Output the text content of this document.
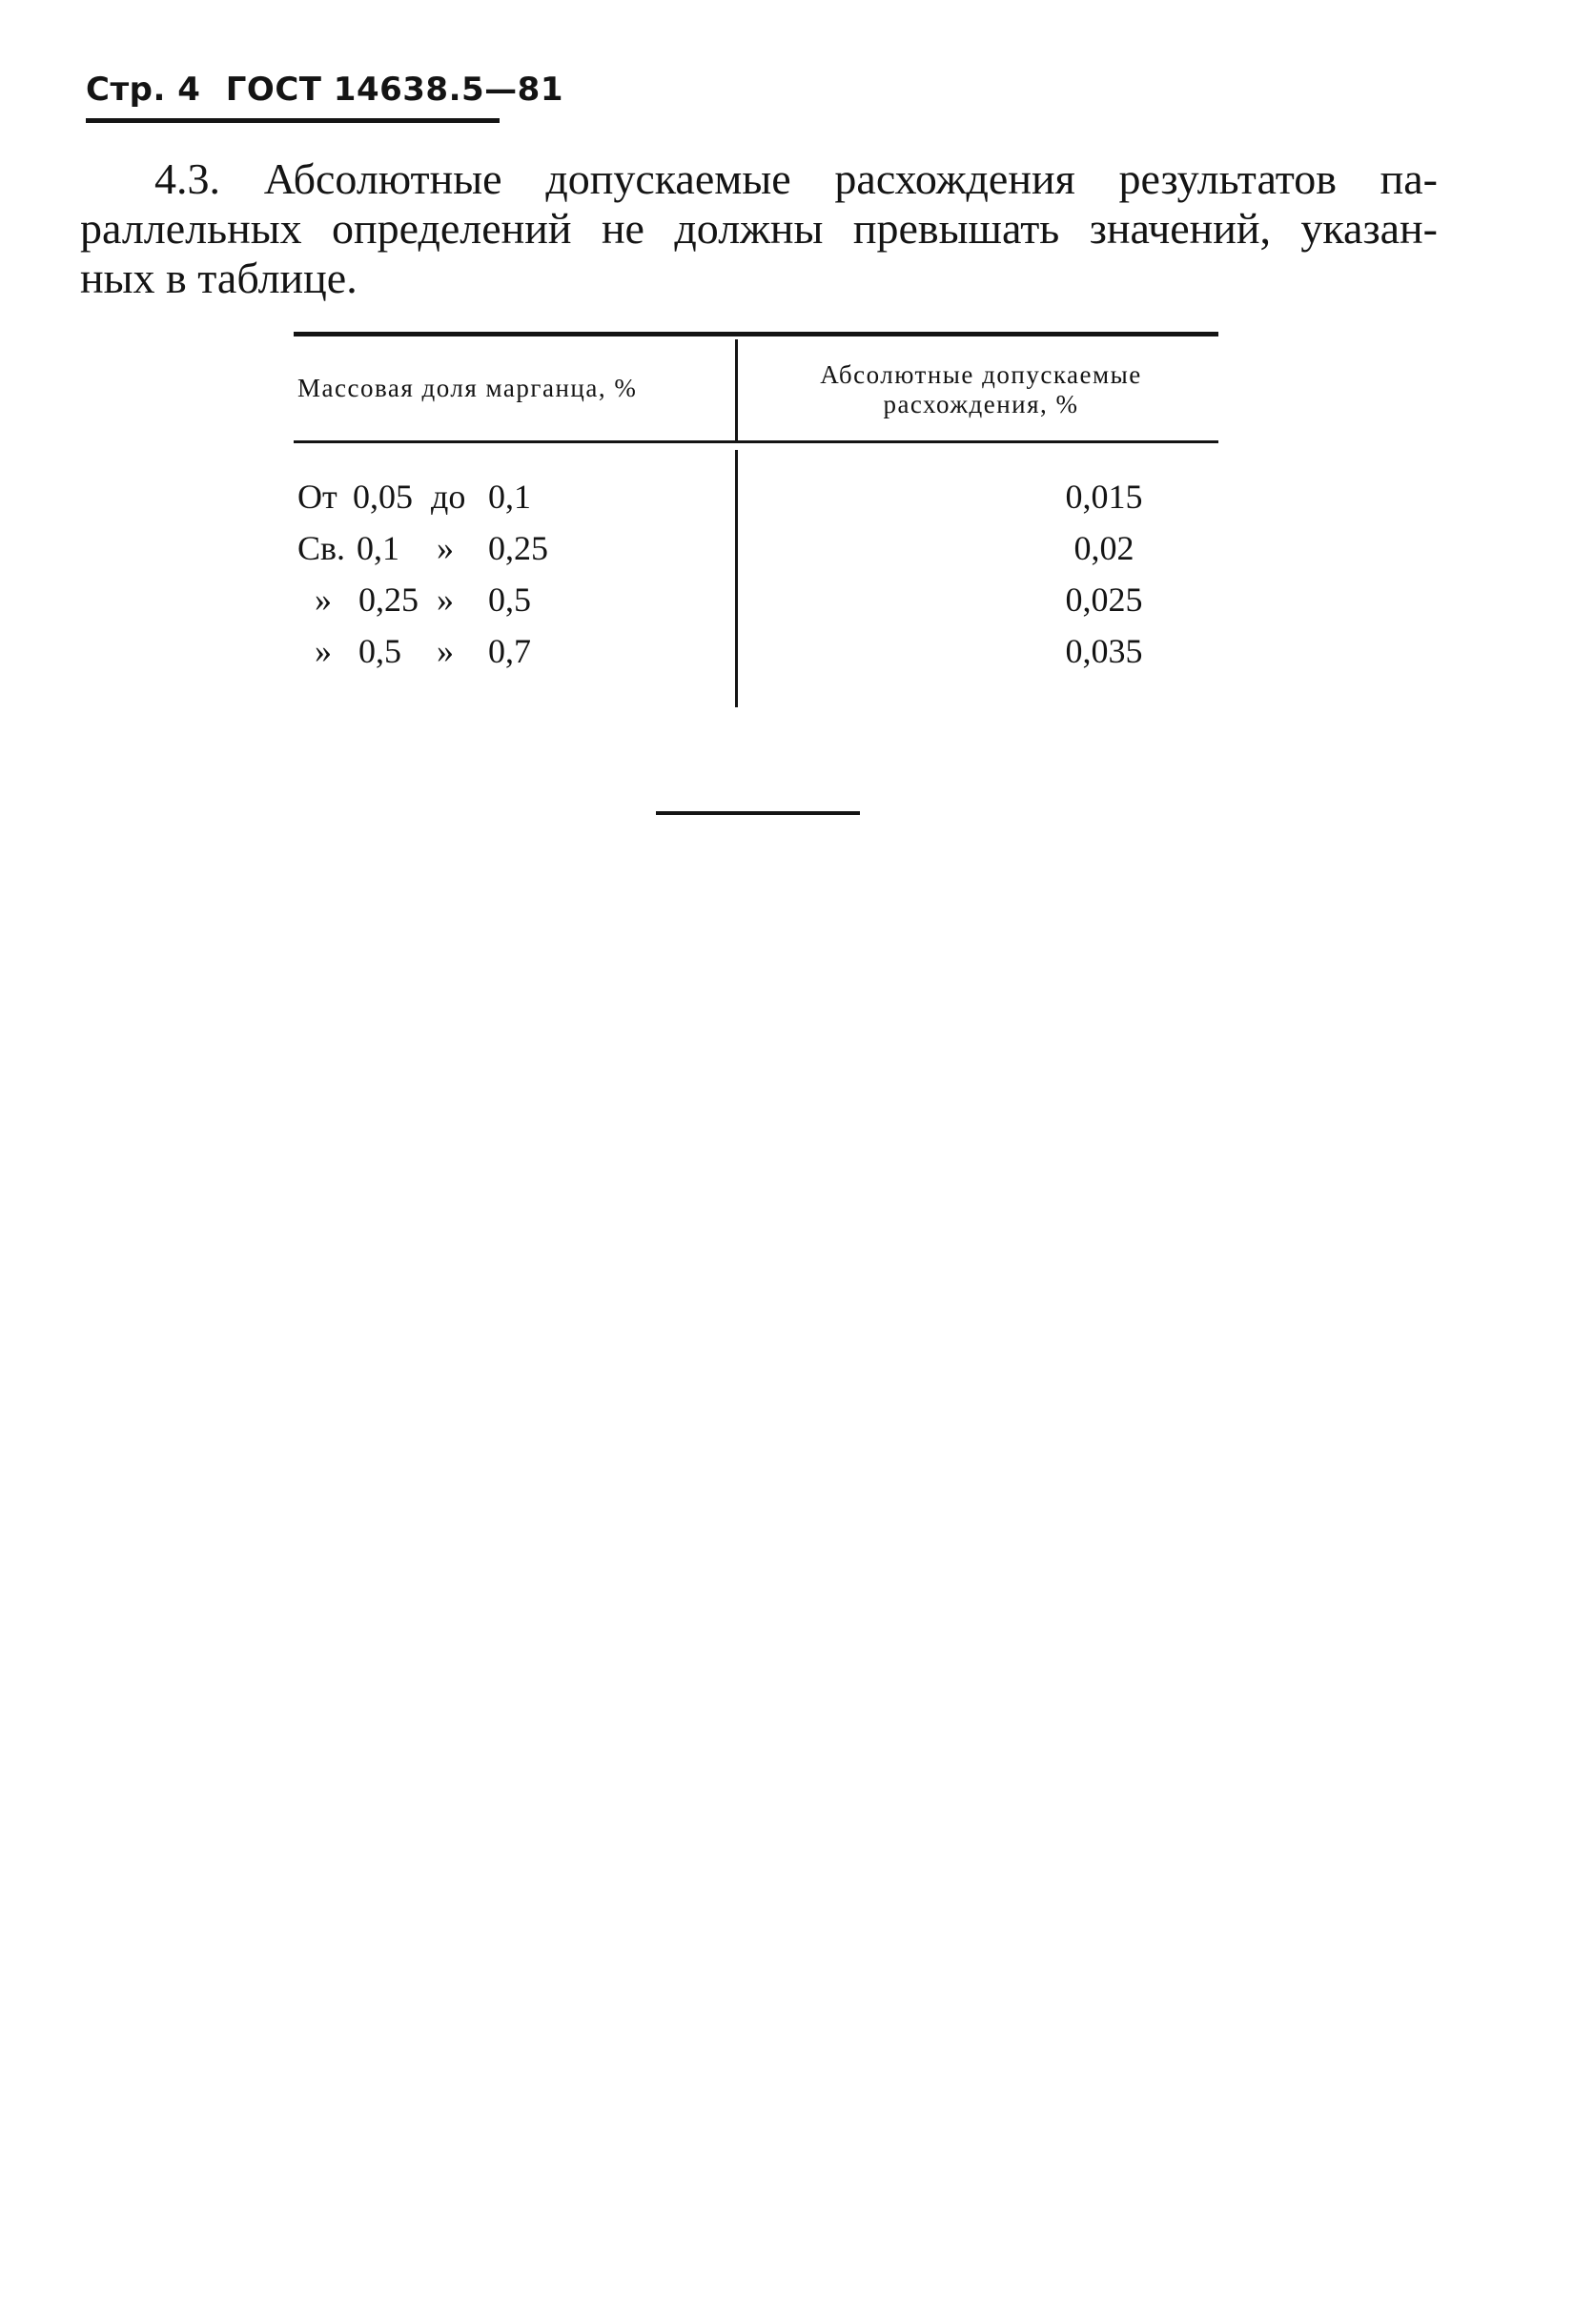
Стр. 4 ГОСТ 14638.5—81
4.3. Абсолютные допускаемые расхождения результатов па-
раллельных определений не должны превышать значений, указан-
ных в таблице.
Массовая доля марганца, %	Абсолютные допускаемые
расхождения, %
От 0,05 до 0,1	0,015
Св. 0,1 » 0,25	0,02
» 0,25 » 0,5	0,025
» 0,5 » 0,7	0,035
